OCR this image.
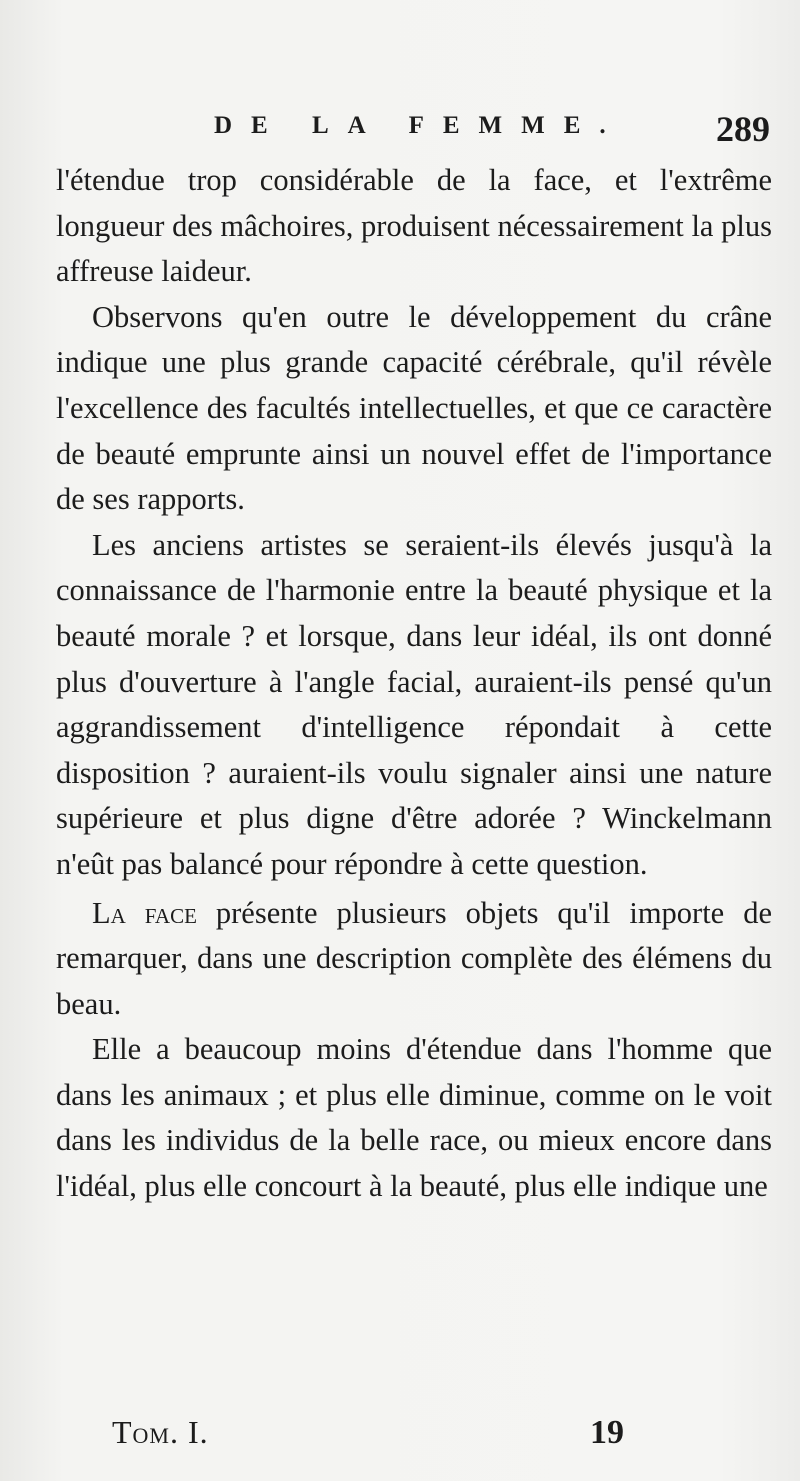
DE LA FEMME.	289

l'étendue trop considérable de la face, et l'extrême longueur des mâchoires, produisent nécessairement la plus affreuse laideur.

Observons qu'en outre le développement du crâne indique une plus grande capacité cérébrale, qu'il révèle l'excellence des facultés intellectuelles, et que ce caractère de beauté emprunte ainsi un nouvel effet de l'importance de ses rapports.

Les anciens artistes se seraient-ils élevés jusqu'à la connaissance de l'harmonie entre la beauté physique et la beauté morale ? et lorsque, dans leur idéal, ils ont donné plus d'ouverture à l'angle facial, auraient-ils pensé qu'un aggrandissement d'intelligence répondait à cette disposition ? auraient-ils voulu signaler ainsi une nature supérieure et plus digne d'être adorée ? Winckelmann n'eût pas balancé pour répondre à cette question.

La face présente plusieurs objets qu'il importe de remarquer, dans une description complète des élémens du beau.

Elle a beaucoup moins d'étendue dans l'homme que dans les animaux ; et plus elle diminue, comme on le voit dans les individus de la belle race, ou mieux encore dans l'idéal, plus elle concourt à la beauté, plus elle indique une

Tom. I.	19
